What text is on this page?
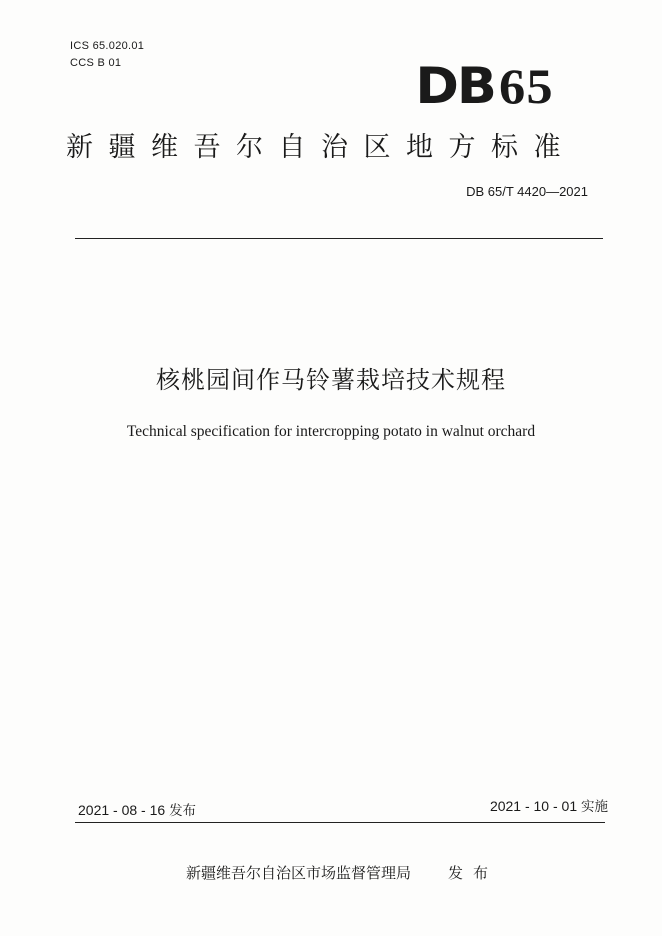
ICS 65.020.01
CCS B 01	DB65
新疆维吾尔自治区地方标准
DB 65/T 4420—2021
核桃园间作马铃薯栽培技术规程
Technical specification for intercropping potato in walnut orchard
2021 - 08 - 16 发布	2021 - 10 - 01 实施
新疆维吾尔自治区市场监督管理局 发布
